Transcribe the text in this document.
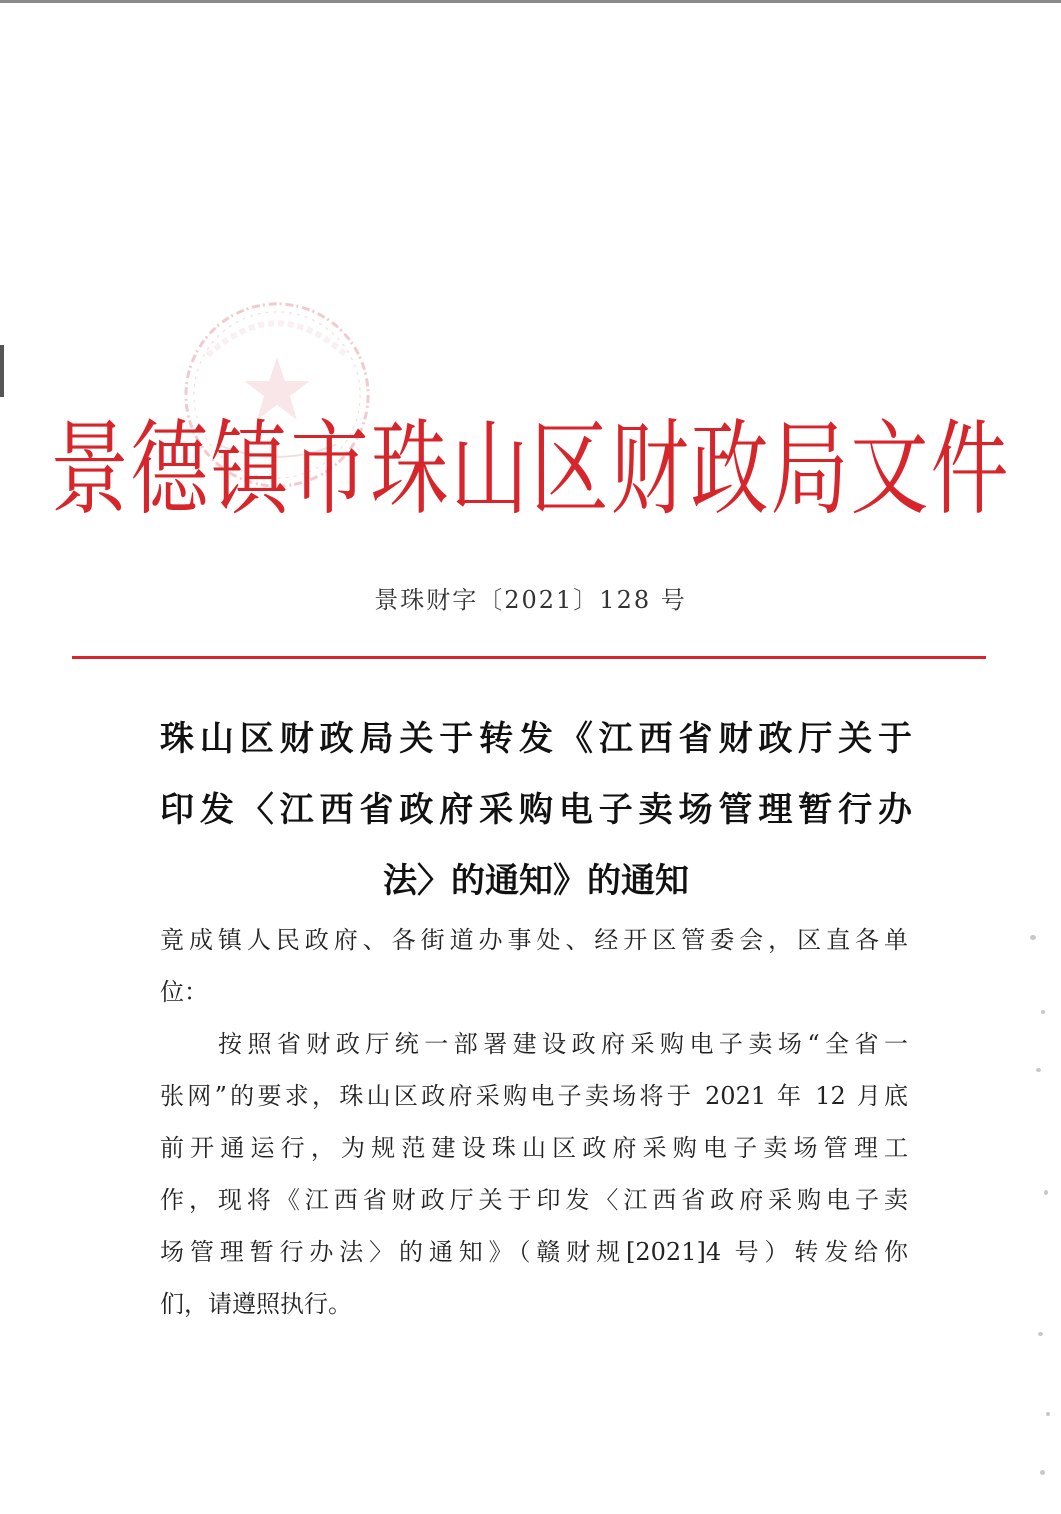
景德镇市珠山区财政局文件
景珠财字〔2021〕128 号
珠山区财政局关于转发《江西省财政厅关于
印发〈江西省政府采购电子卖场管理暂行办
法〉的通知》的通知
竟成镇人民政府、各街道办事处、经开区管委会，区直各单
位：
按照省财政厅统一部署建设政府采购电子卖场“全省一
张网”的要求，珠山区政府采购电子卖场将于 2021 年 12 月底
前开通运行，为规范建设珠山区政府采购电子卖场管理工
作，现将《江西省财政厅关于印发〈江西省政府采购电子卖
场管理暂行办法〉的通知》（赣财规[2021]4 号）转发给你
们，请遵照执行。
